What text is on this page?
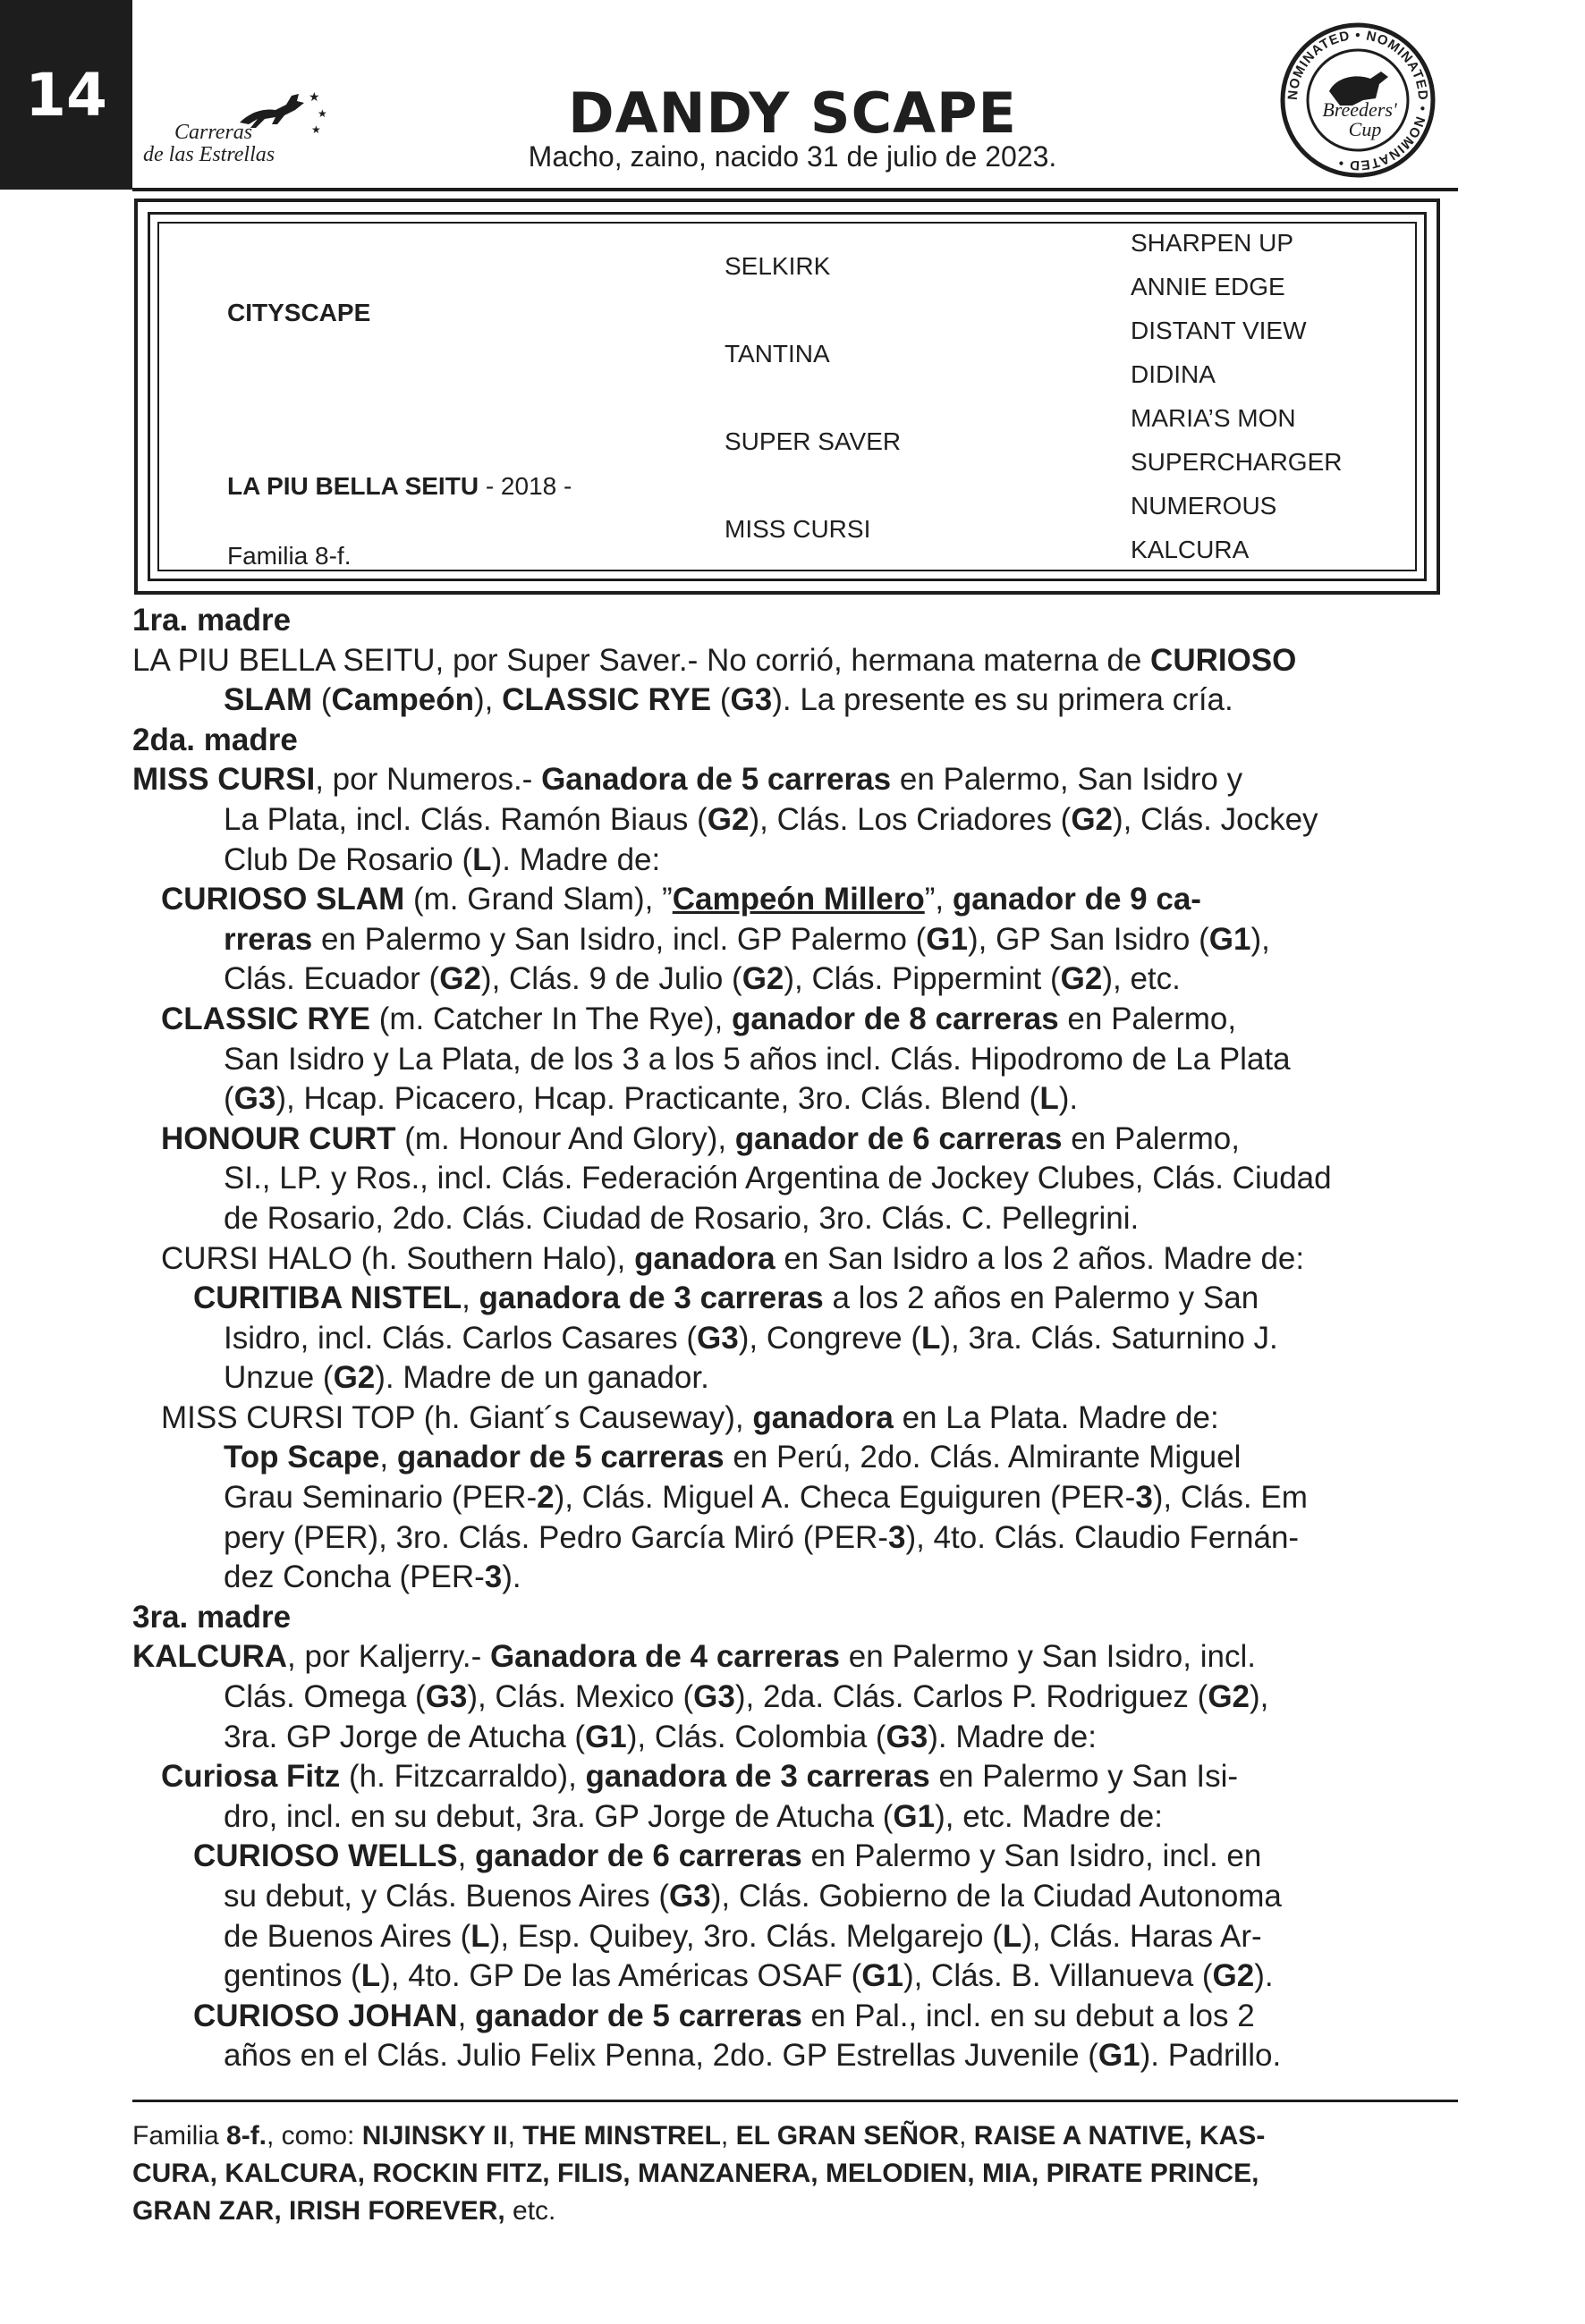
14	★
★
★
Carreras
de las Estrellas
DANDY SCAPE
Macho, zaino, nacido 31 de julio de 2023.
NOMINATED • NOMINATED • NOMINATED •
Breeders'
Cup
CITYSCAPE
LA PIU BELLA SEITU - 2018 -
Familia 8-f.
SELKIRK
TANTINA
SUPER SAVER
MISS CURSI
SHARPEN UP
ANNIE EDGE
DISTANT VIEW
DIDINA
MARIA’S MON
SUPERCHARGER
NUMEROUS
KALCURA
1ra. madre
LA PIU BELLA SEITU, por Super Saver.- No corrió, hermana materna de CURIOSO
SLAM (Campeón), CLASSIC RYE (G3). La presente es su primera cría.
2da. madre
MISS CURSI, por Numeros.- Ganadora de 5 carreras en Palermo, San Isidro y
La Plata, incl. Clás. Ramón Biaus (G2), Clás. Los Criadores (G2), Clás. Jockey
Club De Rosario (L). Madre de:
CURIOSO SLAM (m. Grand Slam), ”Campeón Millero”, ganador de 9 ca-
rreras en Palermo y San Isidro, incl. GP Palermo (G1), GP San Isidro (G1),
Clás. Ecuador (G2), Clás. 9 de Julio (G2), Clás. Pippermint (G2), etc.
CLASSIC RYE (m. Catcher In The Rye), ganador de 8 carreras en Palermo,
San Isidro y La Plata, de los 3 a los 5 años incl. Clás. Hipodromo de La Plata
(G3), Hcap. Picacero, Hcap. Practicante, 3ro. Clás. Blend (L).
HONOUR CURT (m. Honour And Glory), ganador de 6 carreras en Palermo,
SI., LP. y Ros., incl. Clás. Federación Argentina de Jockey Clubes, Clás. Ciudad
de Rosario, 2do. Clás. Ciudad de Rosario, 3ro. Clás. C. Pellegrini.
CURSI HALO (h. Southern Halo), ganadora en San Isidro a los 2 años. Madre de:
CURITIBA NISTEL, ganadora de 3 carreras a los 2 años en Palermo y San
Isidro, incl. Clás. Carlos Casares (G3), Congreve (L), 3ra. Clás. Saturnino J.
Unzue (G2). Madre de un ganador.
MISS CURSI TOP (h. Giant´s Causeway), ganadora en La Plata. Madre de:
Top Scape, ganador de 5 carreras en Perú, 2do. Clás. Almirante Miguel
Grau Seminario (PER-2), Clás. Miguel A. Checa Eguiguren (PER-3), Clás. Em
pery (PER), 3ro. Clás. Pedro García Miró (PER-3), 4to. Clás. Claudio Fernán-
dez Concha (PER-3).
3ra. madre
KALCURA, por Kaljerry.- Ganadora de 4 carreras en Palermo y San Isidro, incl.
Clás. Omega (G3), Clás. Mexico (G3), 2da. Clás. Carlos P. Rodriguez (G2),
3ra. GP Jorge de Atucha (G1), Clás. Colombia (G3). Madre de:
Curiosa Fitz (h. Fitzcarraldo), ganadora de 3 carreras en Palermo y San Isi-
dro, incl. en su debut, 3ra. GP Jorge de Atucha (G1), etc. Madre de:
CURIOSO WELLS, ganador de 6 carreras en Palermo y San Isidro, incl. en
su debut, y Clás. Buenos Aires (G3), Clás. Gobierno de la Ciudad Autonoma
de Buenos Aires (L), Esp. Quibey, 3ro. Clás. Melgarejo (L), Clás. Haras Ar-
gentinos (L), 4to. GP De las Américas OSAF (G1), Clás. B. Villanueva (G2).
CURIOSO JOHAN, ganador de 5 carreras en Pal., incl. en su debut a los 2
años en el Clás. Julio Felix Penna, 2do. GP Estrellas Juvenile (G1). Padrillo.
Familia 8-f., como: NIJINSKY II, THE MINSTREL, EL GRAN SEÑOR, RAISE A NATIVE, KAS-
CURA, KALCURA, ROCKIN FITZ, FILIS, MANZANERA, MELODIEN, MIA, PIRATE PRINCE,
GRAN ZAR, IRISH FOREVER, etc.
